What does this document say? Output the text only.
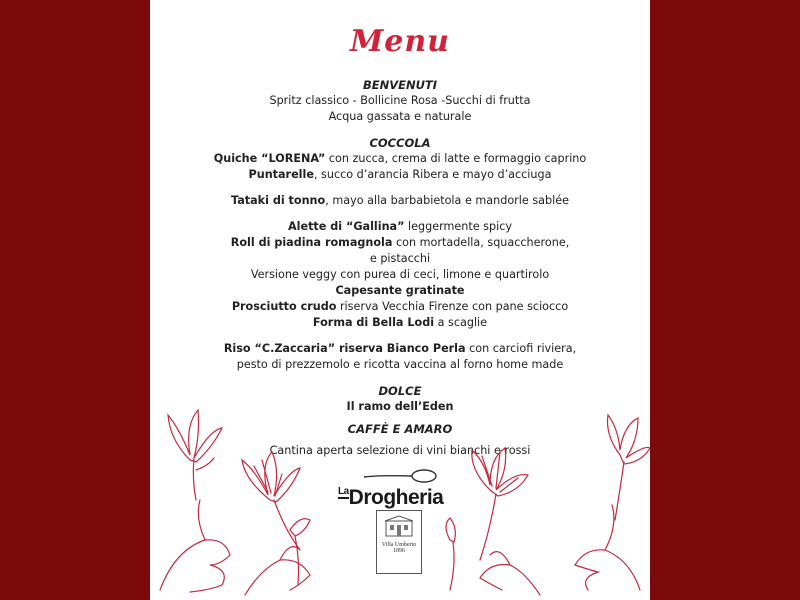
Menu
BENVENUTI
Spritz classico - Bollicine Rosa -Succhi di frutta
Acqua gassata e naturale
COCCOLA
Quiche “LORENA” con zucca, crema di latte e formaggio caprino
Puntarelle, succo d’arancia Ribera e mayo d’acciuga
Tataki di tonno, mayo alla barbabietola e mandorle sablée
Alette di “Gallina” leggermente spicy
Roll di piadina romagnola con mortadella, squaccherone,
e pistacchi
Versione veggy con purea di ceci, limone e quartirolo
Capesante gratinate
Prosciutto crudo riserva Vecchia Firenze con pane sciocco
Forma di Bella Lodi a scaglie
Riso “C.Zaccaria” riserva Bianco Perla con carciofi riviera,
pesto di prezzemolo e ricotta vaccina al forno home made
DOLCE
Il ramo dell’Eden
CAFFÈ E AMARO
Cantina aperta selezione di vini bianchi e rossi
$^{La}$Drogheria
Villa Umberto
1896
